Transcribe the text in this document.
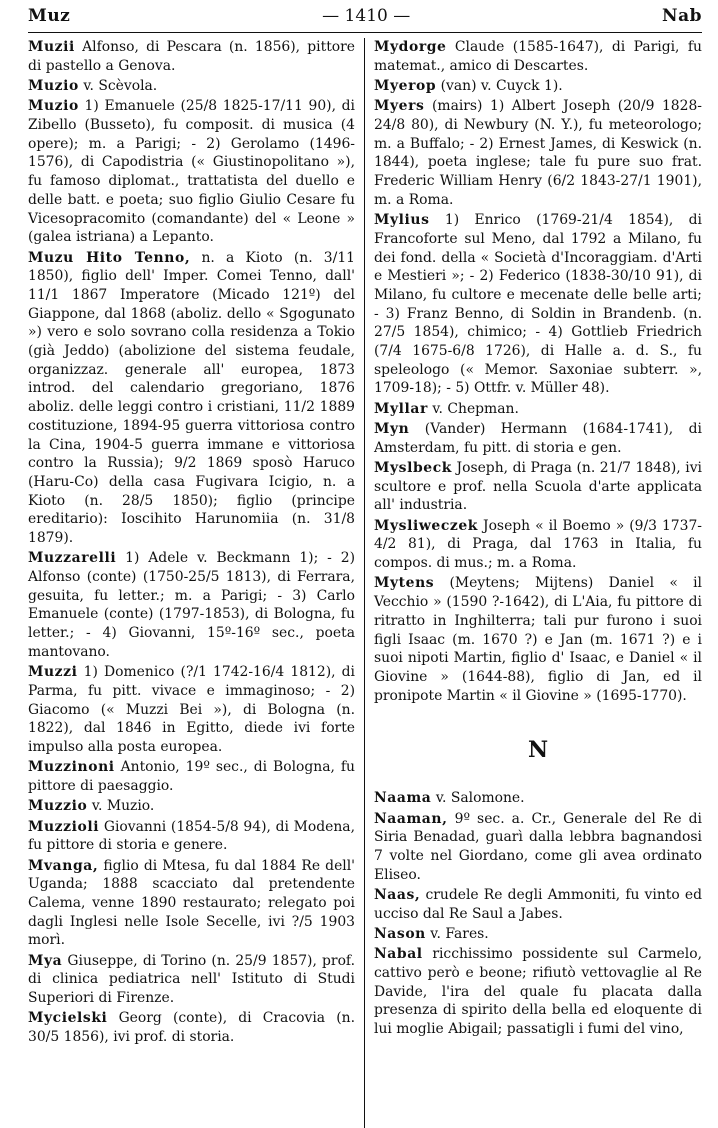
Muz	— 1410 —	Nab

Muzii Alfonso, di Pescara (n. 1856), pittore di pastello a Genova.

Muzio v. Scèvola.

Muzio 1) Emanuele (25/8 1825-17/11 90), di Zibello (Busseto), fu composit. di musica (4 opere); m. a Parigi; - 2) Gerolamo (1496-1576), di Capodistria (« Giustinopolitano »), fu famoso diplomat., trattatista del duello e delle batt. e poeta; suo figlio Giulio Cesare fu Vicesopracomito (comandante) del « Leone » (galea istriana) a Lepanto.

Muzu Hito Tenno, n. a Kioto (n. 3/11 1850), figlio dell' Imper. Comei Tenno, dall' 11/1 1867 Imperatore (Micado 121º) del Giappone, dal 1868 (aboliz. dello « Sgogunato ») vero e solo sovrano colla residenza a Tokio (già Jeddo) (abolizione del sistema feudale, organizzaz. generale all' europea, 1873 introd. del calendario gregoriano, 1876 aboliz. delle leggi contro i cristiani, 11/2 1889 costituzione, 1894-95 guerra vittoriosa contro la Cina, 1904-5 guerra immane e vittoriosa contro la Russia); 9/2 1869 sposò Haruco (Haru-Co) della casa Fugivara Icigio, n. a Kioto (n. 28/5 1850); figlio (principe ereditario): Ioscihito Harunomiia (n. 31/8 1879).

Muzzarelli 1) Adele v. Beckmann 1); - 2) Alfonso (conte) (1750-25/5 1813), di Ferrara, gesuita, fu letter.; m. a Parigi; - 3) Carlo Emanuele (conte) (1797-1853), di Bologna, fu letter.; - 4) Giovanni, 15º-16º sec., poeta mantovano.

Muzzi 1) Domenico (?/1 1742-16/4 1812), di Parma, fu pitt. vivace e immaginoso; - 2) Giacomo (« Muzzi Bei »), di Bologna (n. 1822), dal 1846 in Egitto, diede ivi forte impulso alla posta europea.

Muzzinoni Antonio, 19º sec., di Bologna, fu pittore di paesaggio.

Muzzio v. Muzio.

Muzzioli Giovanni (1854-5/8 94), di Modena, fu pittore di storia e genere.

Mvanga, figlio di Mtesa, fu dal 1884 Re dell' Uganda; 1888 scacciato dal pretendente Calema, venne 1890 restaurato; relegato poi dagli Inglesi nelle Isole Secelle, ivi ?/5 1903 morì.

Mya Giuseppe, di Torino (n. 25/9 1857), prof. di clinica pediatrica nell' Istituto di Studi Superiori di Firenze.

Mycielski Georg (conte), di Cracovia (n. 30/5 1856), ivi prof. di storia.

Mydorge Claude (1585-1647), di Parigi, fu matemat., amico di Descartes.

Myerop (van) v. Cuyck 1).

Myers (mairs) 1) Albert Joseph (20/9 1828-24/8 80), di Newbury (N. Y.), fu meteorologo; m. a Buffalo; - 2) Ernest James, di Keswick (n. 1844), poeta inglese; tale fu pure suo frat. Frederic William Henry (6/2 1843-27/1 1901), m. a Roma.

Mylius 1) Enrico (1769-21/4 1854), di Francoforte sul Meno, dal 1792 a Milano, fu dei fond. della « Società d'Incoraggiam. d'Arti e Mestieri »; - 2) Federico (1838-30/10 91), di Milano, fu cultore e mecenate delle belle arti; - 3) Franz Benno, di Soldin in Brandenb. (n. 27/5 1854), chimico; - 4) Gottlieb Friedrich (7/4 1675-6/8 1726), di Halle a. d. S., fu speleologo (« Memor. Saxoniae subterr. », 1709-18); - 5) Ottfr. v. Müller 48).

Myllar v. Chepman.

Myn (Vander) Hermann (1684-1741), di Amsterdam, fu pitt. di storia e gen.

Myslbeck Joseph, di Praga (n. 21/7 1848), ivi scultore e prof. nella Scuola d'arte applicata all' industria.

Mysliweczek Joseph « il Boemo » (9/3 1737-4/2 81), di Praga, dal 1763 in Italia, fu compos. di mus.; m. a Roma.

Mytens (Meytens; Mijtens) Daniel « il Vecchio » (1590 ?-1642), di L'Aia, fu pittore di ritratto in Inghilterra; tali pur furono i suoi figli Isaac (m. 1670 ?) e Jan (m. 1671 ?) e i suoi nipoti Martin, figlio d' Isaac, e Daniel « il Giovine » (1644-88), figlio di Jan, ed il pronipote Martin « il Giovine » (1695-1770).

N

Naama v. Salomone.

Naaman, 9º sec. a. Cr., Generale del Re di Siria Benadad, guarì dalla lebbra bagnandosi 7 volte nel Giordano, come gli avea ordinato Eliseo.

Naas, crudele Re degli Ammoniti, fu vinto ed ucciso dal Re Saul a Jabes.

Nason v. Fares.

Nabal ricchissimo possidente sul Carmelo, cattivo però e beone; rifiutò vettovaglie al Re Davide, l'ira del quale fu placata dalla presenza di spirito della bella ed eloquente di lui moglie Abigail; passatigli i fumi del vino,
